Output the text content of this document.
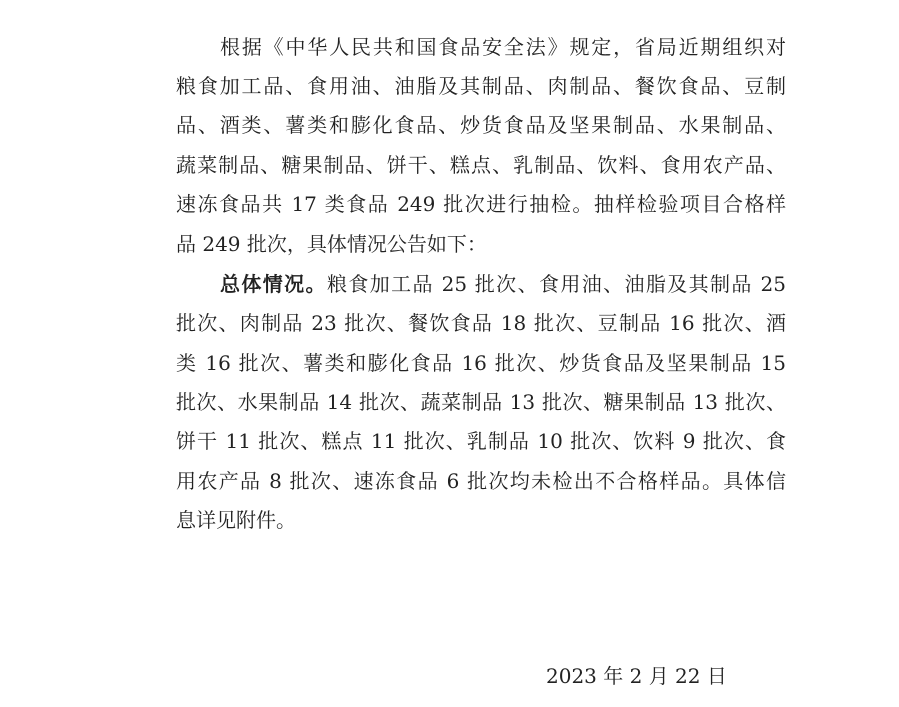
根据《中华人民共和国食品安全法》规定，省局近期组织对
粮食加工品、食用油、油脂及其制品、肉制品、餐饮食品、豆制
品、酒类、薯类和膨化食品、炒货食品及坚果制品、水果制品、
蔬菜制品、糖果制品、饼干、糕点、乳制品、饮料、食用农产品、
速冻食品共 17 类食品 249 批次进行抽检。抽样检验项目合格样
品 249 批次，具体情况公告如下：
总体情况。粮食加工品 25 批次、食用油、油脂及其制品 25
批次、肉制品 23 批次、餐饮食品 18 批次、豆制品 16 批次、酒
类 16 批次、薯类和膨化食品 16 批次、炒货食品及坚果制品 15
批次、水果制品 14 批次、蔬菜制品 13 批次、糖果制品 13 批次、
饼干 11 批次、糕点 11 批次、乳制品 10 批次、饮料 9 批次、食
用农产品 8 批次、速冻食品 6 批次均未检出不合格样品。具体信
息详见附件。
2023 年 2 月 22 日
